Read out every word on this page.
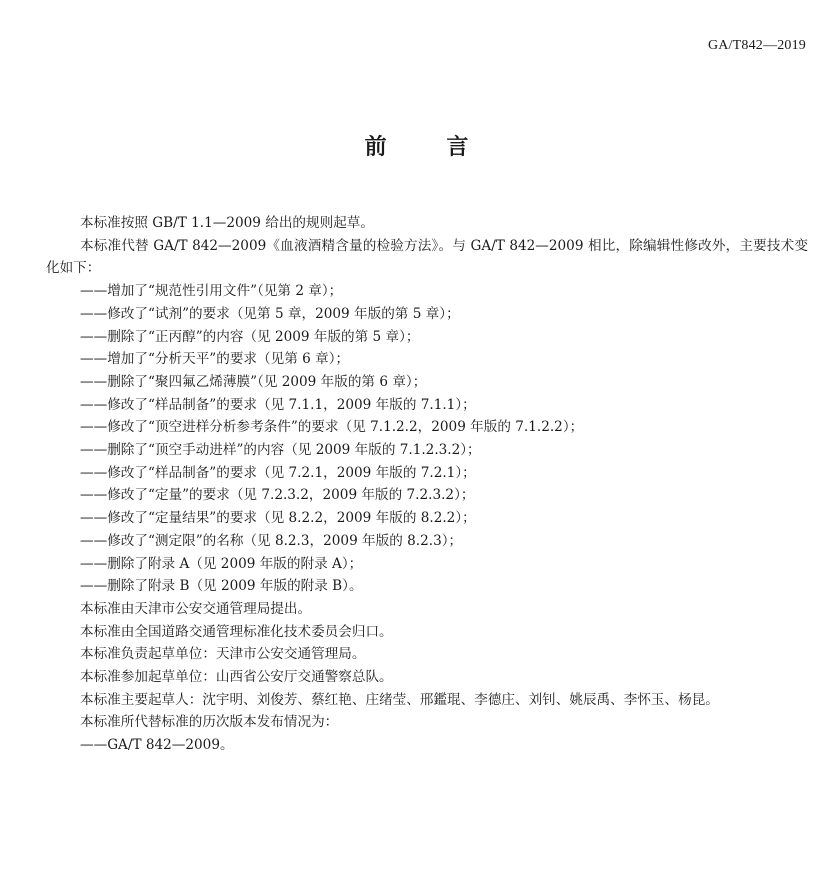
GA/T842—2019
前 言

本标准按照 GB/T 1.1—2009 给出的规则起草。

本标准代替 GA/T 842—2009《血液酒精含量的检验方法》。与 GA/T 842—2009 相比，除编辑性修改外，主要技术变化如下：

——增加了“规范性引用文件”（见第 2 章）；

——修改了“试剂”的要求（见第 5 章，2009 年版的第 5 章）；

——删除了“正丙醇”的内容（见 2009 年版的第 5 章）；

——增加了“分析天平”的要求（见第 6 章）；

——删除了“聚四氟乙烯薄膜”（见 2009 年版的第 6 章）；

——修改了“样品制备”的要求（见 7.1.1，2009 年版的 7.1.1）；

——修改了“顶空进样分析参考条件”的要求（见 7.1.2.2，2009 年版的 7.1.2.2）；

——删除了“顶空手动进样”的内容（见 2009 年版的 7.1.2.3.2）；

——修改了“样品制备”的要求（见 7.2.1，2009 年版的 7.2.1）；

——修改了“定量”的要求（见 7.2.3.2，2009 年版的 7.2.3.2）；

——修改了“定量结果”的要求（见 8.2.2，2009 年版的 8.2.2）；

——修改了“测定限”的名称（见 8.2.3，2009 年版的 8.2.3）；

——删除了附录 A（见 2009 年版的附录 A）；

——删除了附录 B（见 2009 年版的附录 B）。

本标准由天津市公安交通管理局提出。

本标准由全国道路交通管理标准化技术委员会归口。

本标准负责起草单位：天津市公安交通管理局。

本标准参加起草单位：山西省公安厅交通警察总队。

本标准主要起草人：沈宇明、刘俊芳、蔡红艳、庄绪莹、邢鑑琨、李德庄、刘钊、姚辰禹、李怀玉、杨昆。

本标准所代替标准的历次版本发布情况为：

——GA/T 842—2009。
